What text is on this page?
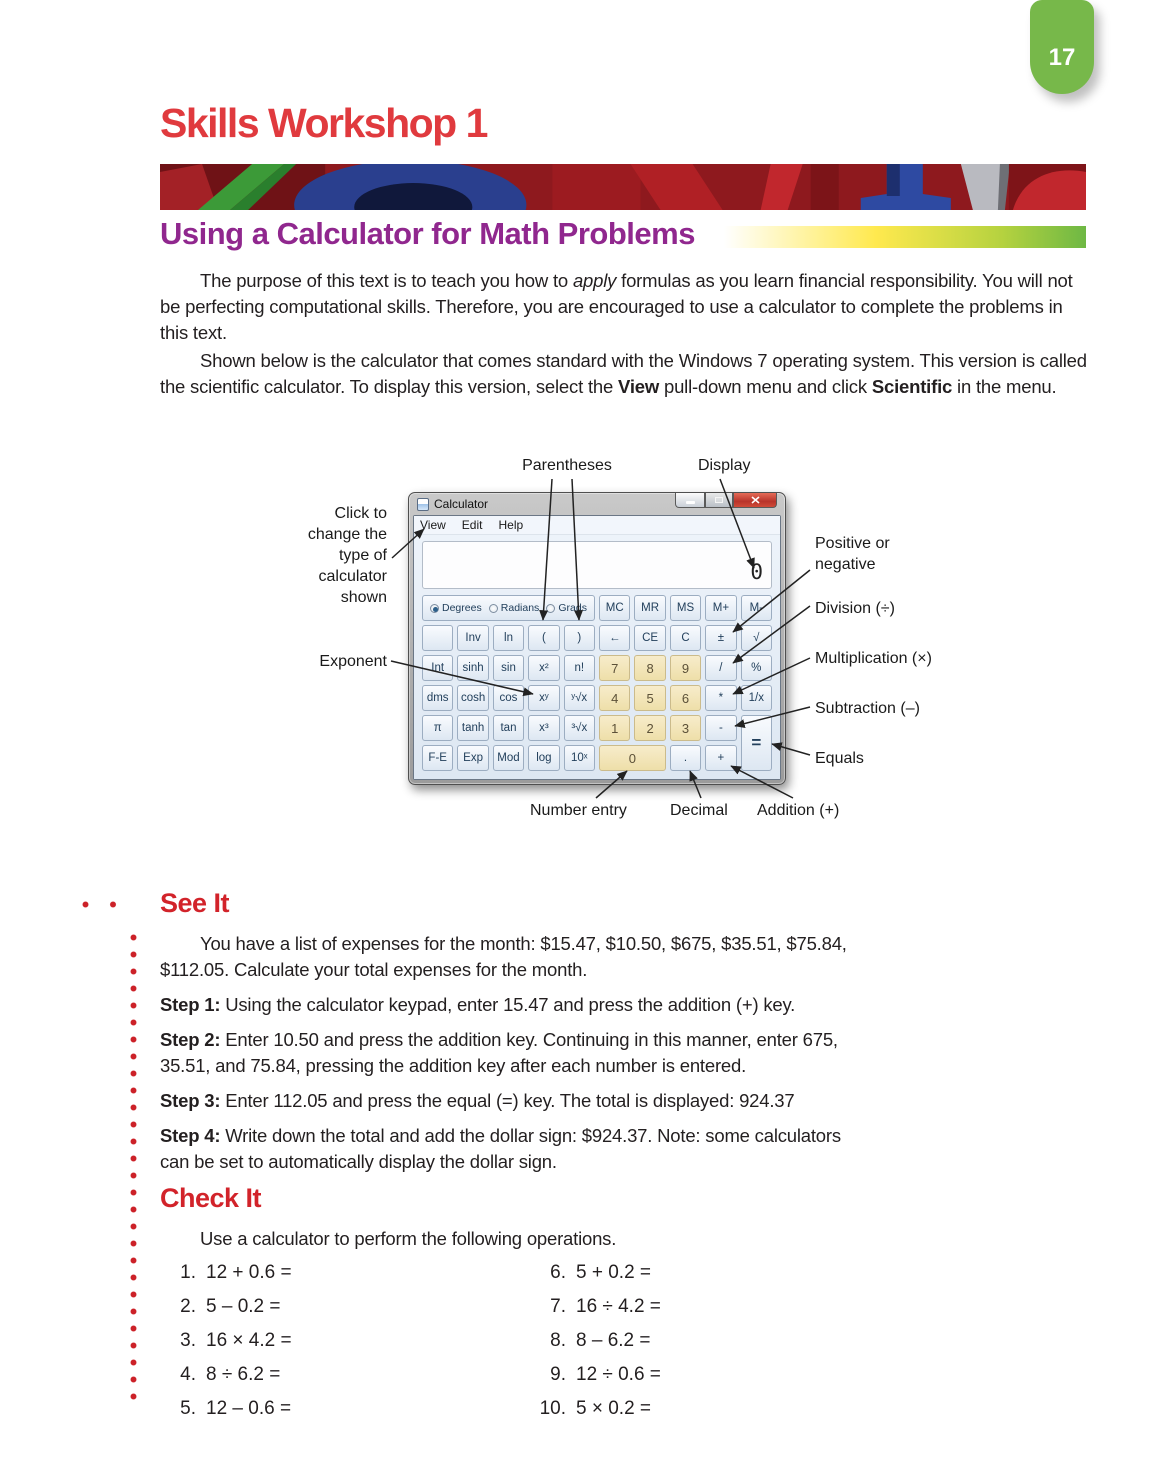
17
Skills Workshop 1
Using a Calculator for Math Problems

The purpose of this text is to teach you how to apply formulas as you learn financial responsibility. You will not be perfecting computational skills. Therefore, you are encouraged to use a calculator to complete the problems in this text.

Shown below is the calculator that comes standard with the Windows 7 operating system. This version is called the scientific calculator. To display this version, select the View pull-down menu and click Scientific in the menu.

Parentheses	Display
Click to change the type of calculator shown
Exponent
Positive or negative
Division (÷)
Multiplication (×)
Subtraction (–)
Equals
Number entry	Decimal Addition (+)
Calculator
View Edit Help
0
Degrees Radians Grads	MC	MR	MS	M+	M-
Inv	ln	(	)	←	CE	C	±	√
Int	sinh	sin	x²	n!	7	8	9	/	%
dms	cosh	cos	xʸ	ʸ√x	4	5	6	*	1/x
π	tanh	tan	x³	³√x	1	2	3	-
=
F-E	Exp	Mod	log	10ˣ	0	.	+
See It

You have a list of expenses for the month: $15.47, $10.50, $675, $35.51, $75.84, $112.05. Calculate your total expenses for the month.

Step 1: Using the calculator keypad, enter 15.47 and press the addition (+) key.

Step 2: Enter 10.50 and press the addition key. Continuing in this manner, enter 675, 35.51, and 75.84, pressing the addition key after each number is entered.

Step 3: Enter 112.05 and press the equal (=) key. The total is displayed: 924.37

Step 4: Write down the total and add the dollar sign: $924.37. Note: some calculators can be set to automatically display the dollar sign.

Check It

Use a calculator to perform the following operations.

1. 12 + 0.6 =	6. 5 + 0.2 =
2. 5 – 0.2 =	7. 16 ÷ 4.2 =
3. 16 × 4.2 =	8. 8 – 6.2 =
4. 8 ÷ 6.2 =	9. 12 ÷ 0.6 =
5. 12 – 0.6 =	10. 5 × 0.2 =
